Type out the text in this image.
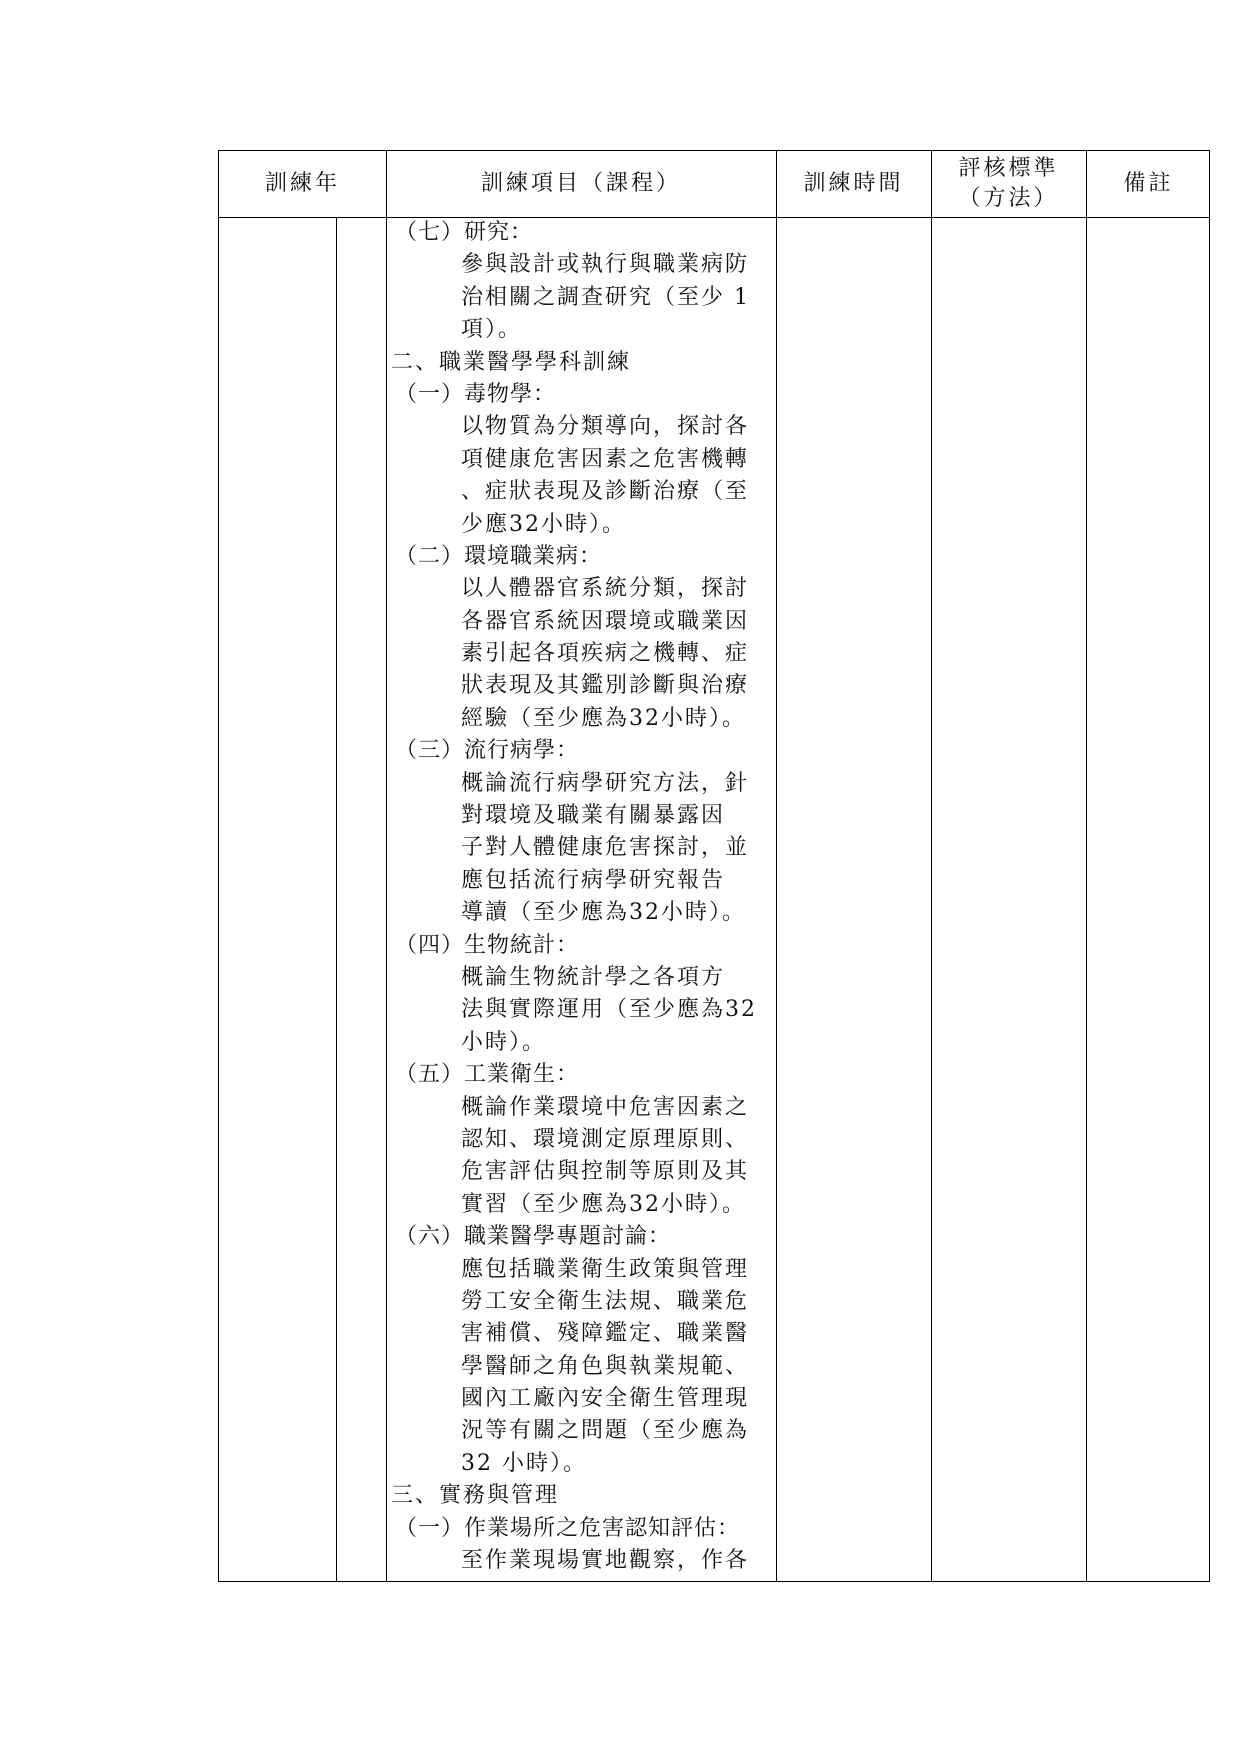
訓練年	訓練項目（課程）	訓練時間
評核標準
（方法）
備註
（七）研究：
參與設計或執行與職業病防
治相關之調查研究（至少 1
項）。
二、職業醫學學科訓練
（一）毒物學：
以物質為分類導向，探討各
項健康危害因素之危害機轉
、症狀表現及診斷治療（至
少應32小時）。
（二）環境職業病：
以人體器官系統分類，探討
各器官系統因環境或職業因
素引起各項疾病之機轉、症
狀表現及其鑑別診斷與治療
經驗（至少應為32小時）。
（三）流行病學：
概論流行病學研究方法，針
對環境及職業有關暴露因
子對人體健康危害探討，並
應包括流行病學研究報告
導讀（至少應為32小時）。
（四）生物統計：
概論生物統計學之各項方
法與實際運用（至少應為32
小時）。
（五）工業衛生：
概論作業環境中危害因素之
認知、環境測定原理原則、
危害評估與控制等原則及其
實習（至少應為32小時）。
（六）職業醫學專題討論：
應包括職業衛生政策與管理
勞工安全衛生法規、職業危
害補償、殘障鑑定、職業醫
學醫師之角色與執業規範、
國內工廠內安全衛生管理現
況等有關之問題（至少應為
32 小時）。
三、實務與管理
（一）作業場所之危害認知評估：
至作業現場實地觀察，作各
